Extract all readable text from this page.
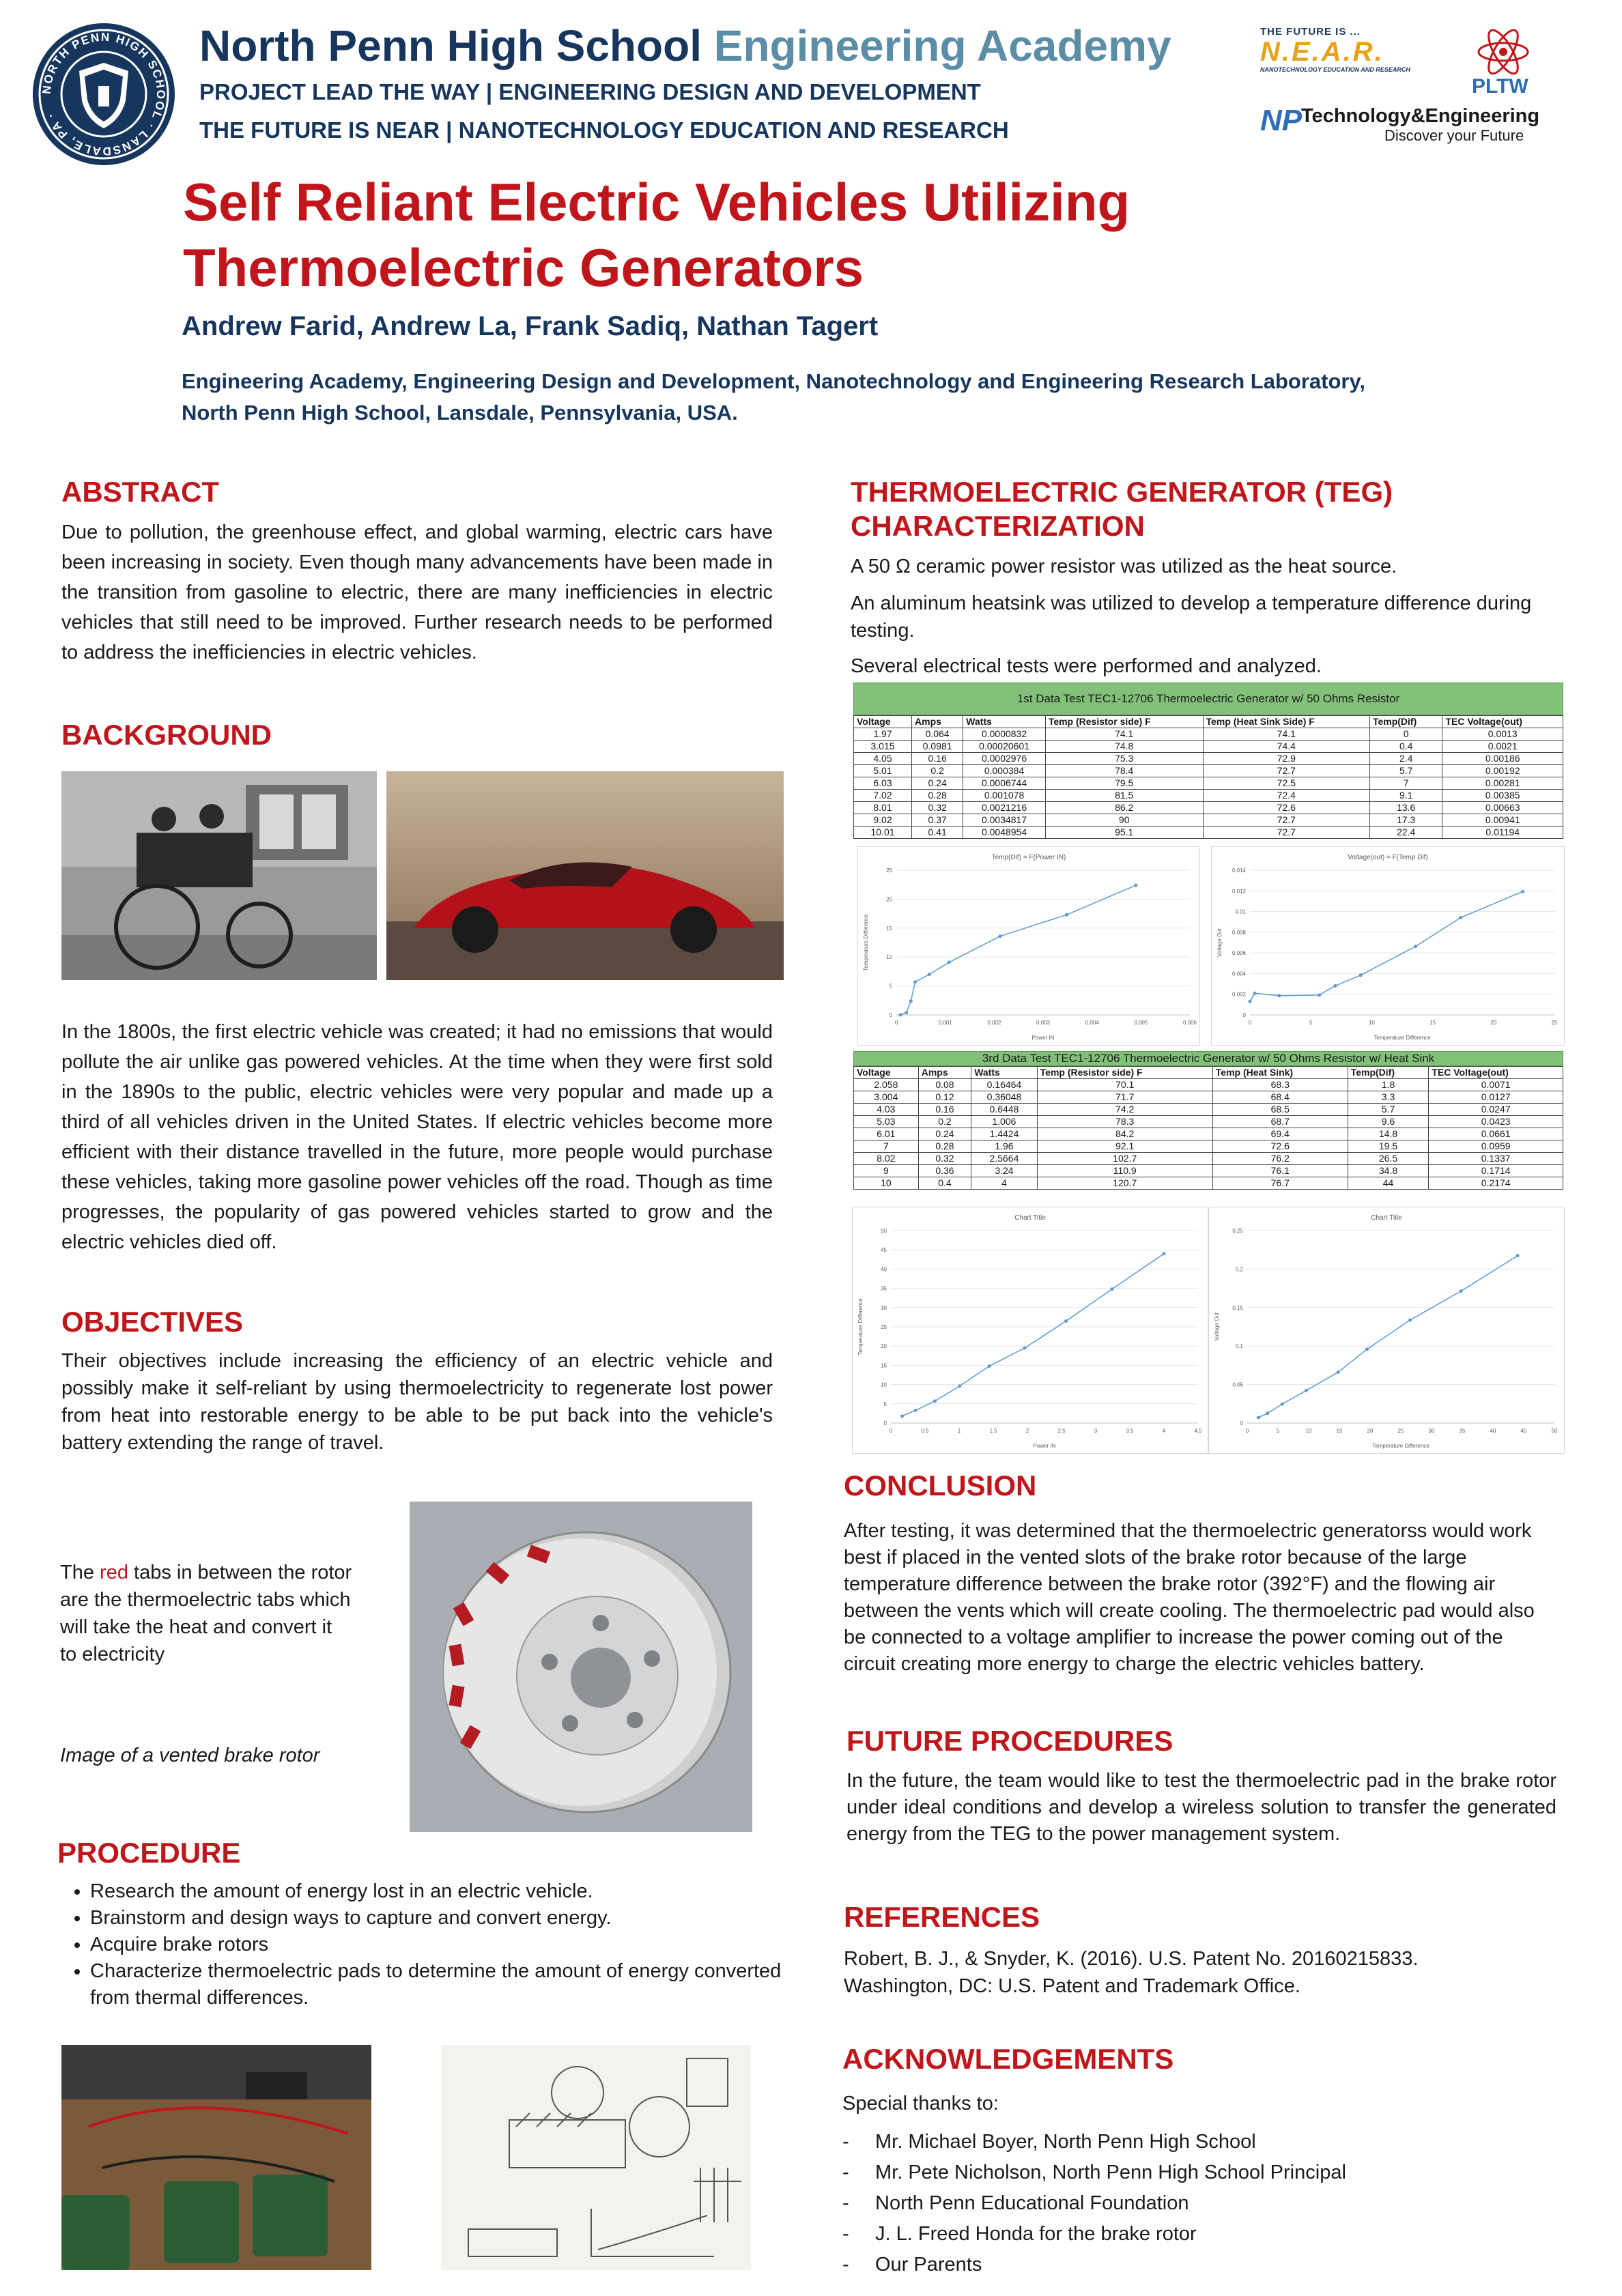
NORTH PENN HIGH SCHOOL · LANSDALE, PA ·
North Penn High School Engineering Academy
PROJECT LEAD THE WAY | ENGINEERING DESIGN AND DEVELOPMENT
THE FUTURE IS NEAR | NANOTECHNOLOGY EDUCATION AND RESEARCH
THE FUTURE IS ...
N.E.A.R.
NANOTECHNOLOGY EDUCATION AND RESEARCH
PLTW
NP
Technology&Engineering
Discover your Future
Self Reliant Electric Vehicles Utilizing
Thermoelectric Generators
Andrew Farid, Andrew La, Frank Sadiq, Nathan Tagert
Engineering Academy, Engineering Design and Development, Nanotechnology and Engineering Research Laboratory,
North Penn High School, Lansdale, Pennsylvania, USA.
ABSTRACT
Due to pollution, the greenhouse effect, and global warming, electric cars have been increasing in society. Even though many advancements have been made in the transition from gasoline to electric, there are many inefficiencies in electric vehicles that still need to be improved. Further research needs to be performed to address the inefficiencies in electric vehicles.
BACKGROUND
In the 1800s, the first electric vehicle was created; it had no emissions that would pollute the air unlike gas powered vehicles. At the time when they were first sold in the 1890s to the public, electric vehicles were very popular and made up a third of all vehicles driven in the United States. If electric vehicles become more efficient with their distance travelled in the future, more people would purchase these vehicles, taking more gasoline power vehicles off the road. Though as time progresses, the popularity of gas powered vehicles started to grow and the electric vehicles died off.
OBJECTIVES
Their objectives include increasing the efficiency of an electric vehicle and possibly make it self-reliant by using thermoelectricity to regenerate lost power from heat into restorable energy to be able to be put back into the vehicle's battery extending the range of travel.
The red tabs in between the rotor are the thermoelectric tabs which will take the heat and convert it to electricity
Image of a vented brake rotor
PROCEDURE
• Research the amount of energy lost in an electric vehicle.
• Brainstorm and design ways to capture and convert energy.
• Acquire brake rotors
• Characterize thermoelectric pads to determine the amount of energy converted from thermal differences.
THERMOELECTRIC GENERATOR (TEG)
CHARACTERIZATION
A 50 Ω ceramic power resistor was utilized as the heat source.
An aluminum heatsink was utilized to develop a temperature difference during testing.
Several electrical tests were performed and analyzed.
1st Data Test TEC1-12706 Thermoelectric Generator w/ 50 Ohms Resistor
Voltage	Amps	Watts	Temp (Resistor side) F	Temp (Heat Sink Side) F	Temp(Dif)	TEC Voltage(out)
1.97	0.064	0.0000832	74.1	74.1	0	0.0013
3.015	0.0981	0.00020601	74.8	74.4	0.4	0.0021
4.05	0.16	0.0002976	75.3	72.9	2.4	0.00186
5.01	0.2	0.000384	78.4	72.7	5.7	0.00192
6.03	0.24	0.0006744	79.5	72.5	7	0.00281
7.02	0.28	0.001078	81.5	72.4	9.1	0.00385
8.01	0.32	0.0021216	86.2	72.6	13.6	0.00663
9.02	0.37	0.0034817	90	72.7	17.3	0.00941
10.01	0.41	0.0048954	95.1	72.7	22.4	0.01194
Temp(Dif) = F(Power IN)
0
5
10
15
20
25
0	0.001	0.002	0.003	0.004	0.005	0.006
Power IN
Temperature Difference
Voltage(out) = F(Temp Dif)
0
0.002
0.004
0.006
0.008
0.01
0.012
0.014
0	5	10	15	20	25
Temperature Difference
Voltage Out
3rd Data Test TEC1-12706 Thermoelectric Generator w/ 50 Ohms Resistor w/ Heat Sink
Voltage	Amps	Watts	Temp (Resistor side) F	Temp (Heat Sink)	Temp(Dif)	TEC Voltage(out)
2.058	0.08	0.16464	70.1	68.3	1.8	0.0071
3.004	0.12	0.36048	71.7	68.4	3.3	0.0127
4.03	0.16	0.6448	74.2	68.5	5.7	0.0247
5.03	0.2	1.006	78.3	68.7	9.6	0.0423
6.01	0.24	1.4424	84.2	69.4	14.8	0.0661
7	0.28	1.96	92.1	72.6	19.5	0.0959
8.02	0.32	2.5664	102.7	76.2	26.5	0.1337
9	0.36	3.24	110.9	76.1	34.8	0.1714
10	0.4	4	120.7	76.7	44	0.2174
Chart Title
0
5
10
15
20
25
30
35
40
45
50
0	0.5	1	1.5	2	2.5	3	3.5	4	4.5
Power IN
Temperature Difference
Chart Title
0
0.05
0.1
0.15
0.2
0.25
0	5	10	15	20	25	30	35	40	45	50
Temperature Difference
Voltage Out
CONCLUSION
After testing, it was determined that the thermoelectric generatorss would work best if placed in the vented slots of the brake rotor because of the large temperature difference between the brake rotor (392°F) and the flowing air between the vents which will create cooling. The thermoelectric pad would also be connected to a voltage amplifier to increase the power coming out of the circuit creating more energy to charge the electric vehicles battery.
FUTURE PROCEDURES
In the future, the team would like to test the thermoelectric pad in the brake rotor under ideal conditions and develop a wireless solution to transfer the generated energy from the TEG to the power management system.
REFERENCES
Robert, B. J., & Snyder, K. (2016). U.S. Patent No. 20160215833. Washington, DC: U.S. Patent and Trademark Office.
ACKNOWLEDGEMENTS
Special thanks to:
- Mr. Michael Boyer, North Penn High School
- Mr. Pete Nicholson, North Penn High School Principal
- North Penn Educational Foundation
- J. L. Freed Honda for the brake rotor
- Our Parents
